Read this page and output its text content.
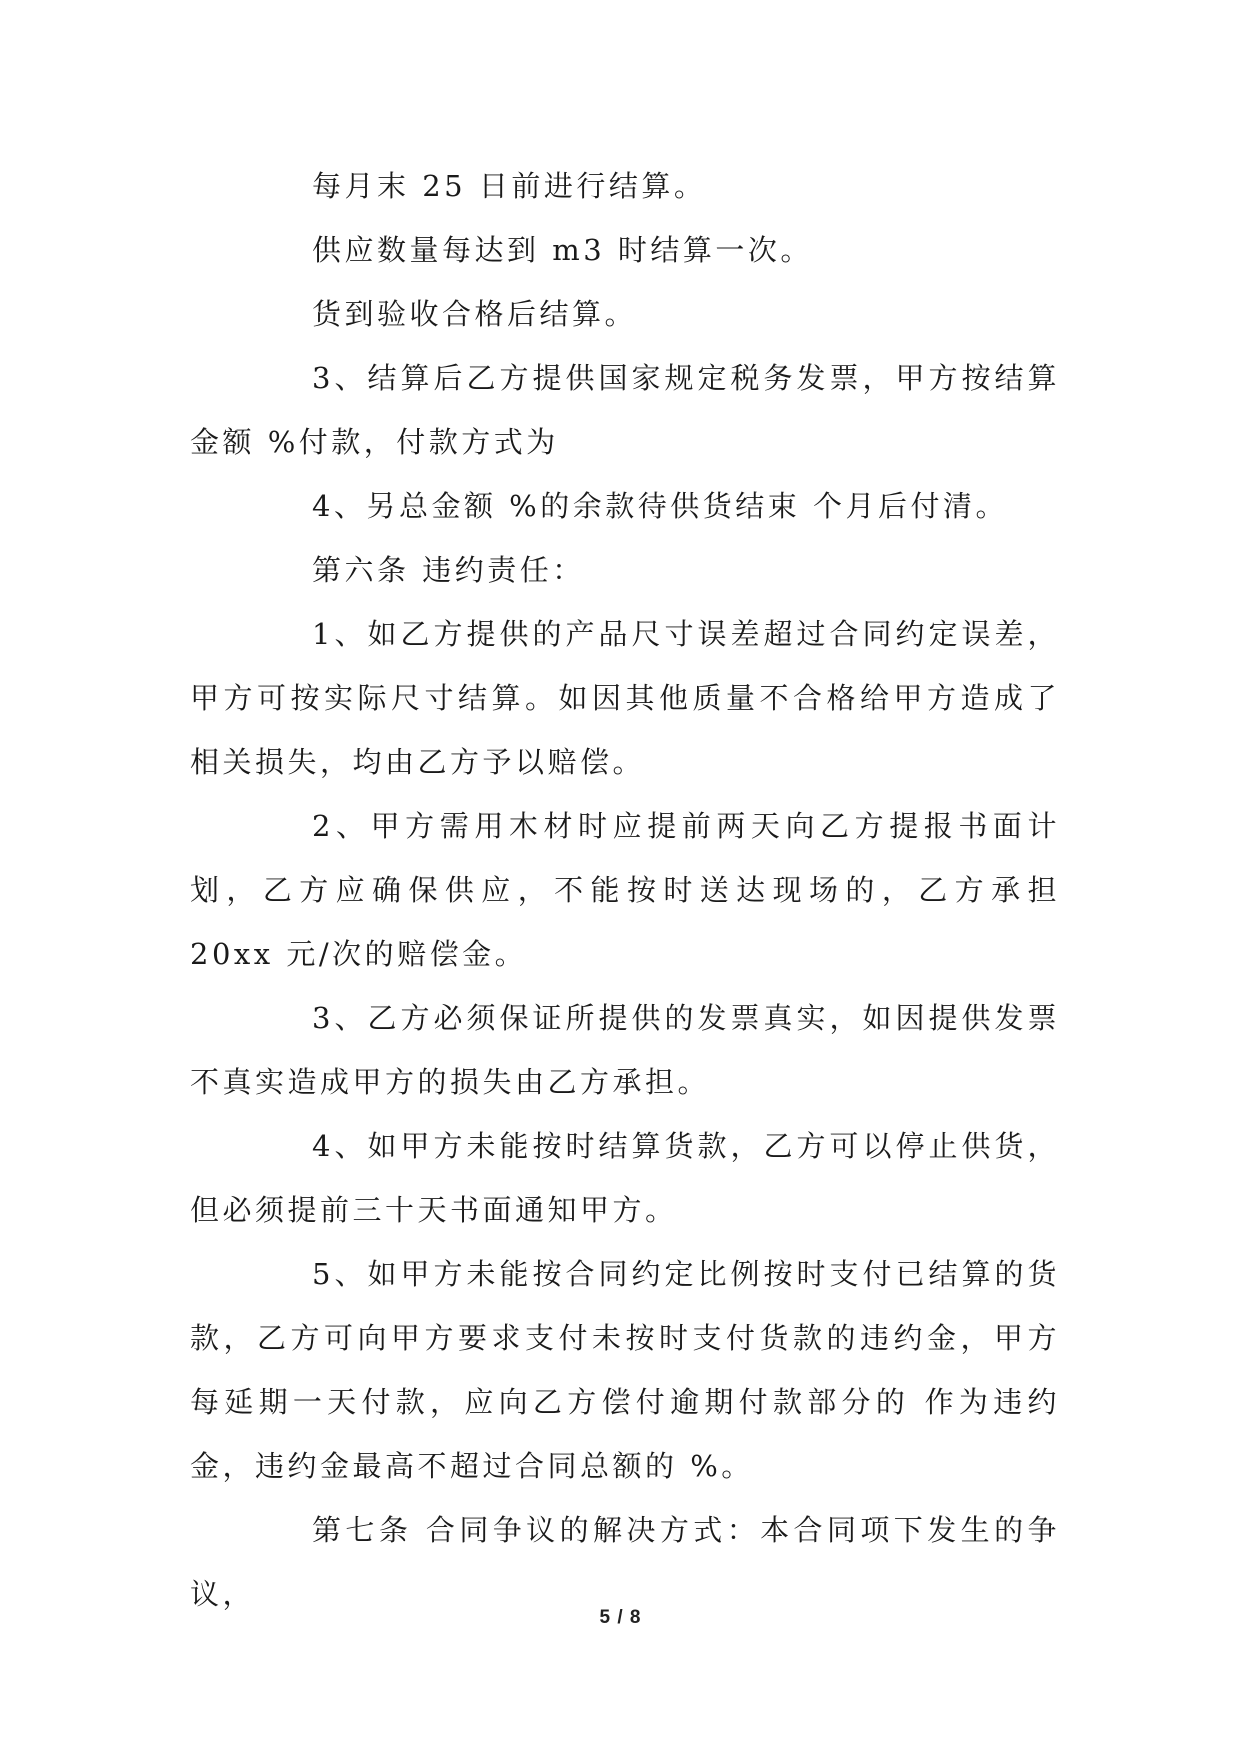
每月末 25 日前进行结算。

供应数量每达到 m3 时结算一次。

货到验收合格后结算。

3、结算后乙方提供国家规定税务发票，甲方按结算金额 %付款，付款方式为

4、另总金额 %的余款待供货结束 个月后付清。

第六条 违约责任：

1、如乙方提供的产品尺寸误差超过合同约定误差，甲方可按实际尺寸结算。如因其他质量不合格给甲方造成了相关损失，均由乙方予以赔偿。

2、甲方需用木材时应提前两天向乙方提报书面计划，乙方应确保供应，不能按时送达现场的，乙方承担 20xx 元/次的赔偿金。

3、乙方必须保证所提供的发票真实，如因提供发票不真实造成甲方的损失由乙方承担。

4、如甲方未能按时结算货款，乙方可以停止供货，但必须提前三十天书面通知甲方。

5、如甲方未能按合同约定比例按时支付已结算的货款，乙方可向甲方要求支付未按时支付货款的违约金，甲方每延期一天付款，应向乙方偿付逾期付款部分的 作为违约金，违约金最高不超过合同总额的 %。

第七条 合同争议的解决方式：本合同项下发生的争议，

5 / 8
